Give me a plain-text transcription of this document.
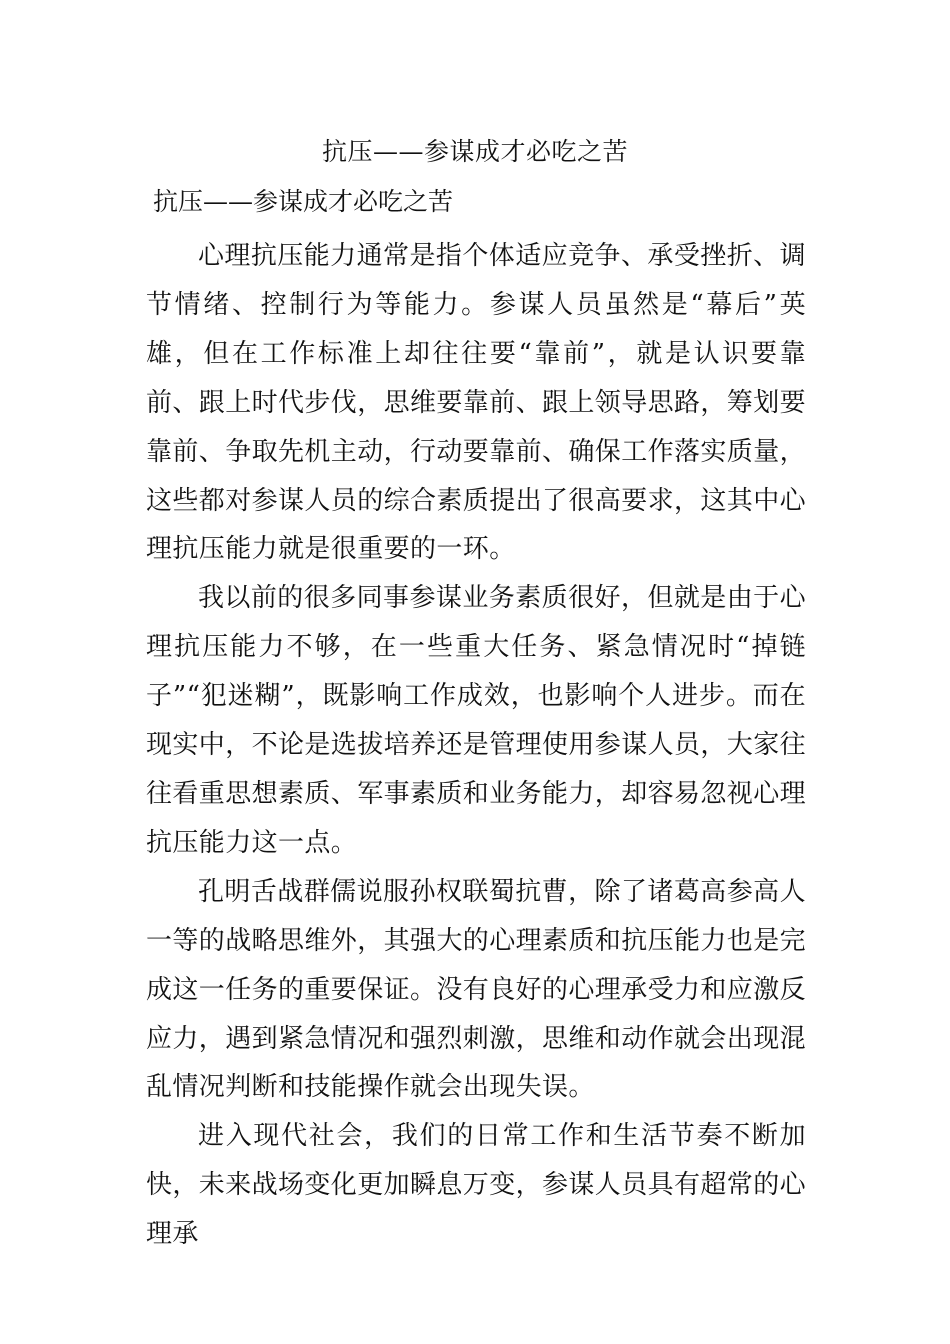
抗压——参谋成才必吃之苦
抗压——参谋成才必吃之苦

心理抗压能力通常是指个体适应竞争、承受挫折、调节情绪、控制行为等能力。参谋人员虽然是“幕后”英雄，但在工作标准上却往往要“靠前”，就是认识要靠前、跟上时代步伐，思维要靠前、跟上领导思路，筹划要靠前、争取先机主动，行动要靠前、确保工作落实质量，这些都对参谋人员的综合素质提出了很高要求，这其中心理抗压能力就是很重要的一环。

我以前的很多同事参谋业务素质很好，但就是由于心理抗压能力不够，在一些重大任务、紧急情况时“掉链子”“犯迷糊”，既影响工作成效，也影响个人进步。而在现实中，不论是选拔培养还是管理使用参谋人员，大家往往看重思想素质、军事素质和业务能力，却容易忽视心理抗压能力这一点。

孔明舌战群儒说服孙权联蜀抗曹，除了诸葛高参高人一等的战略思维外，其强大的心理素质和抗压能力也是完成这一任务的重要保证。没有良好的心理承受力和应激反应力，遇到紧急情况和强烈刺激，思维和动作就会出现混乱情况判断和技能操作就会出现失误。

进入现代社会，我们的日常工作和生活节奏不断加快，未来战场变化更加瞬息万变，参谋人员具有超常的心理承
